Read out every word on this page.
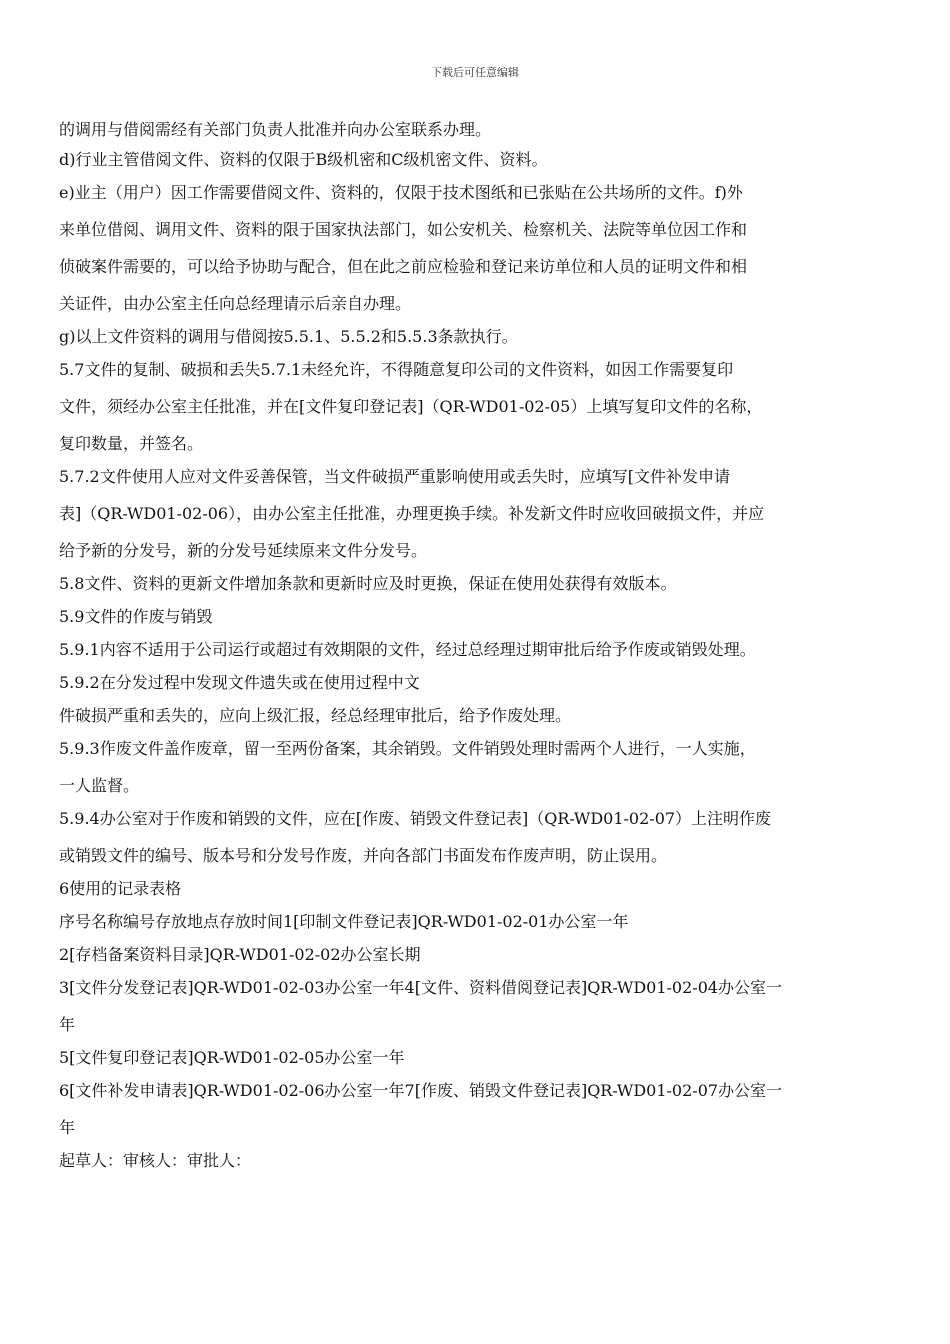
下载后可任意编辑
的调用与借阅需经有关部门负责人批准并向办公室联系办理。
d)行业主管借阅文件、资料的仅限于B级机密和C级机密文件、资料。
e)业主（用户）因工作需要借阅文件、资料的，仅限于技术图纸和已张贴在公共场所的文件。f)外
来单位借阅、调用文件、资料的限于国家执法部门，如公安机关、检察机关、法院等单位因工作和
侦破案件需要的，可以给予协助与配合，但在此之前应检验和登记来访单位和人员的证明文件和相
关证件，由办公室主任向总经理请示后亲自办理。
g)以上文件资料的调用与借阅按5.5.1、5.5.2和5.5.3条款执行。
5.7文件的复制、破损和丢失5.7.1未经允许，不得随意复印公司的文件资料，如因工作需要复印
文件，须经办公室主任批准，并在[文件复印登记表]（QR-WD01-02-05）上填写复印文件的名称，
复印数量，并签名。
5.7.2文件使用人应对文件妥善保管，当文件破损严重影响使用或丢失时，应填写[文件补发申请
表]（QR-WD01-02-06），由办公室主任批准，办理更换手续。补发新文件时应收回破损文件，并应
给予新的分发号，新的分发号延续原来文件分发号。
5.8文件、资料的更新文件增加条款和更新时应及时更换，保证在使用处获得有效版本。
5.9文件的作废与销毁
5.9.1内容不适用于公司运行或超过有效期限的文件，经过总经理过期审批后给予作废或销毁处理。
5.9.2在分发过程中发现文件遗失或在使用过程中文
件破损严重和丢失的，应向上级汇报，经总经理审批后，给予作废处理。
5.9.3作废文件盖作废章，留一至两份备案，其余销毁。文件销毁处理时需两个人进行，一人实施，
一人监督。
5.9.4办公室对于作废和销毁的文件，应在[作废、销毁文件登记表]（QR-WD01-02-07）上注明作废
或销毁文件的编号、版本号和分发号作废，并向各部门书面发布作废声明，防止误用。
6使用的记录表格
序号名称编号存放地点存放时间1[印制文件登记表]QR-WD01-02-01办公室一年
2[存档备案资料目录]QR-WD01-02-02办公室长期
3[文件分发登记表]QR-WD01-02-03办公室一年4[文件、资料借阅登记表]QR-WD01-02-04办公室一
年
5[文件复印登记表]QR-WD01-02-05办公室一年
6[文件补发申请表]QR-WD01-02-06办公室一年7[作废、销毁文件登记表]QR-WD01-02-07办公室一
年
起草人：审核人：审批人：
